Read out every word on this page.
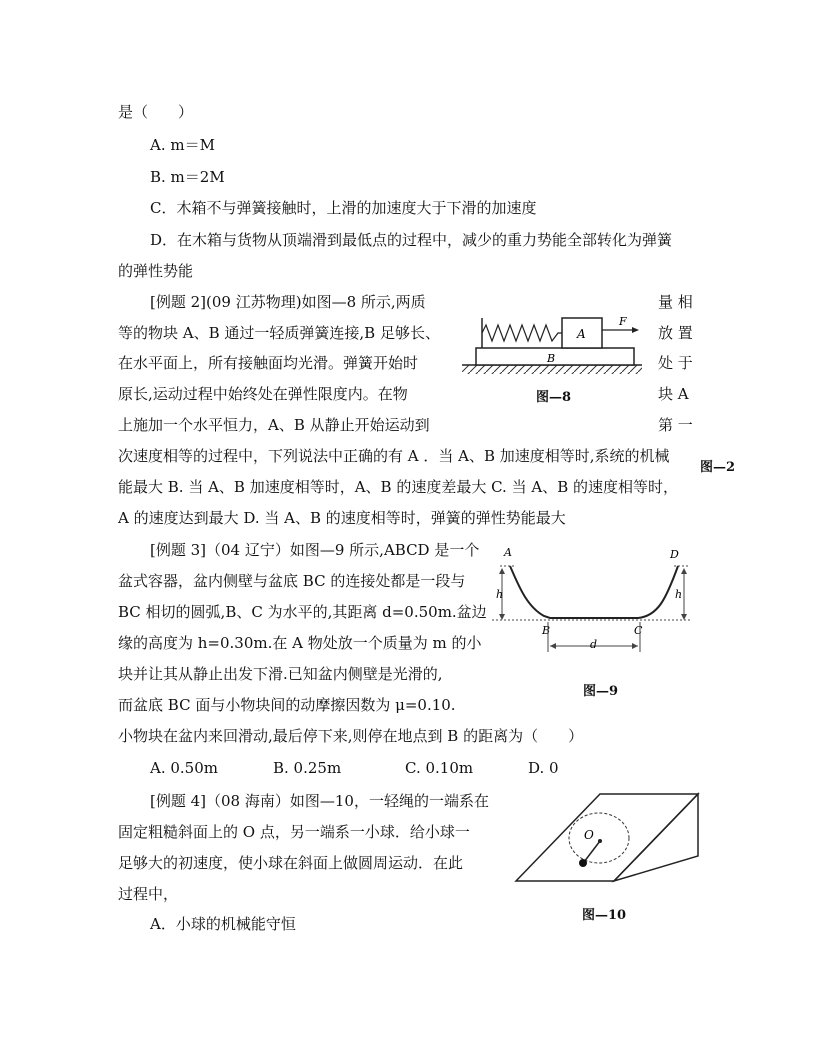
是（　　）
A. m＝M
B. m＝2M
C．木箱不与弹簧接触时，上滑的加速度大于下滑的加速度
D．在木箱与货物从顶端滑到最低点的过程中，减少的重力势能全部转化为弹簧
的弹性势能
[例题 2](09 江苏物理)如图—8 所示,两质
等的物块 A、B 通过一轻质弹簧连接,B 足够长、
在水平面上，所有接触面均光滑。弹簧开始时
原长,运动过程中始终处在弹性限度内。在物
上施加一个水平恒力，A、B 从静止开始运动到
量 相
放 置
处 于
块 A
第 一
次速度相等的过程中，下列说法中正确的有 A ．当 A、B 加速度相等时,系统的机械
图—2
能最大 B. 当 A、B 加速度相等时，A、B 的速度差最大 C. 当 A、B 的速度相等时，
A 的速度达到最大 D. 当 A、B 的速度相等时，弹簧的弹性势能最大
A
B
F
图—8
[例题 3]（04 辽宁）如图—9 所示,ABCD 是一个
盆式容器，盆内侧壁与盆底 BC 的连接处都是一段与
BC 相切的圆弧,B、C 为水平的,其距离 d=0.50m.盆边
缘的高度为 h=0.30m.在 A 物处放一个质量为 m 的小
块并让其从静止出发下滑.已知盆内侧壁是光滑的,
而盆底 BC 面与小物块间的动摩擦因数为 μ=0.10.
小物块在盆内来回滑动,最后停下来,则停在地点到 B 的距离为（　　）
A. 0.50m	B. 0.25m	C. 0.10m	D. 0
h	h
A	D
B	C
d
图—9
[例题 4]（08 海南）如图—10，一轻绳的一端系在
固定粗糙斜面上的 O 点，另一端系一小球．给小球一
足够大的初速度，使小球在斜面上做圆周运动．在此
过程中，
A．小球的机械能守恒
O
图—10
